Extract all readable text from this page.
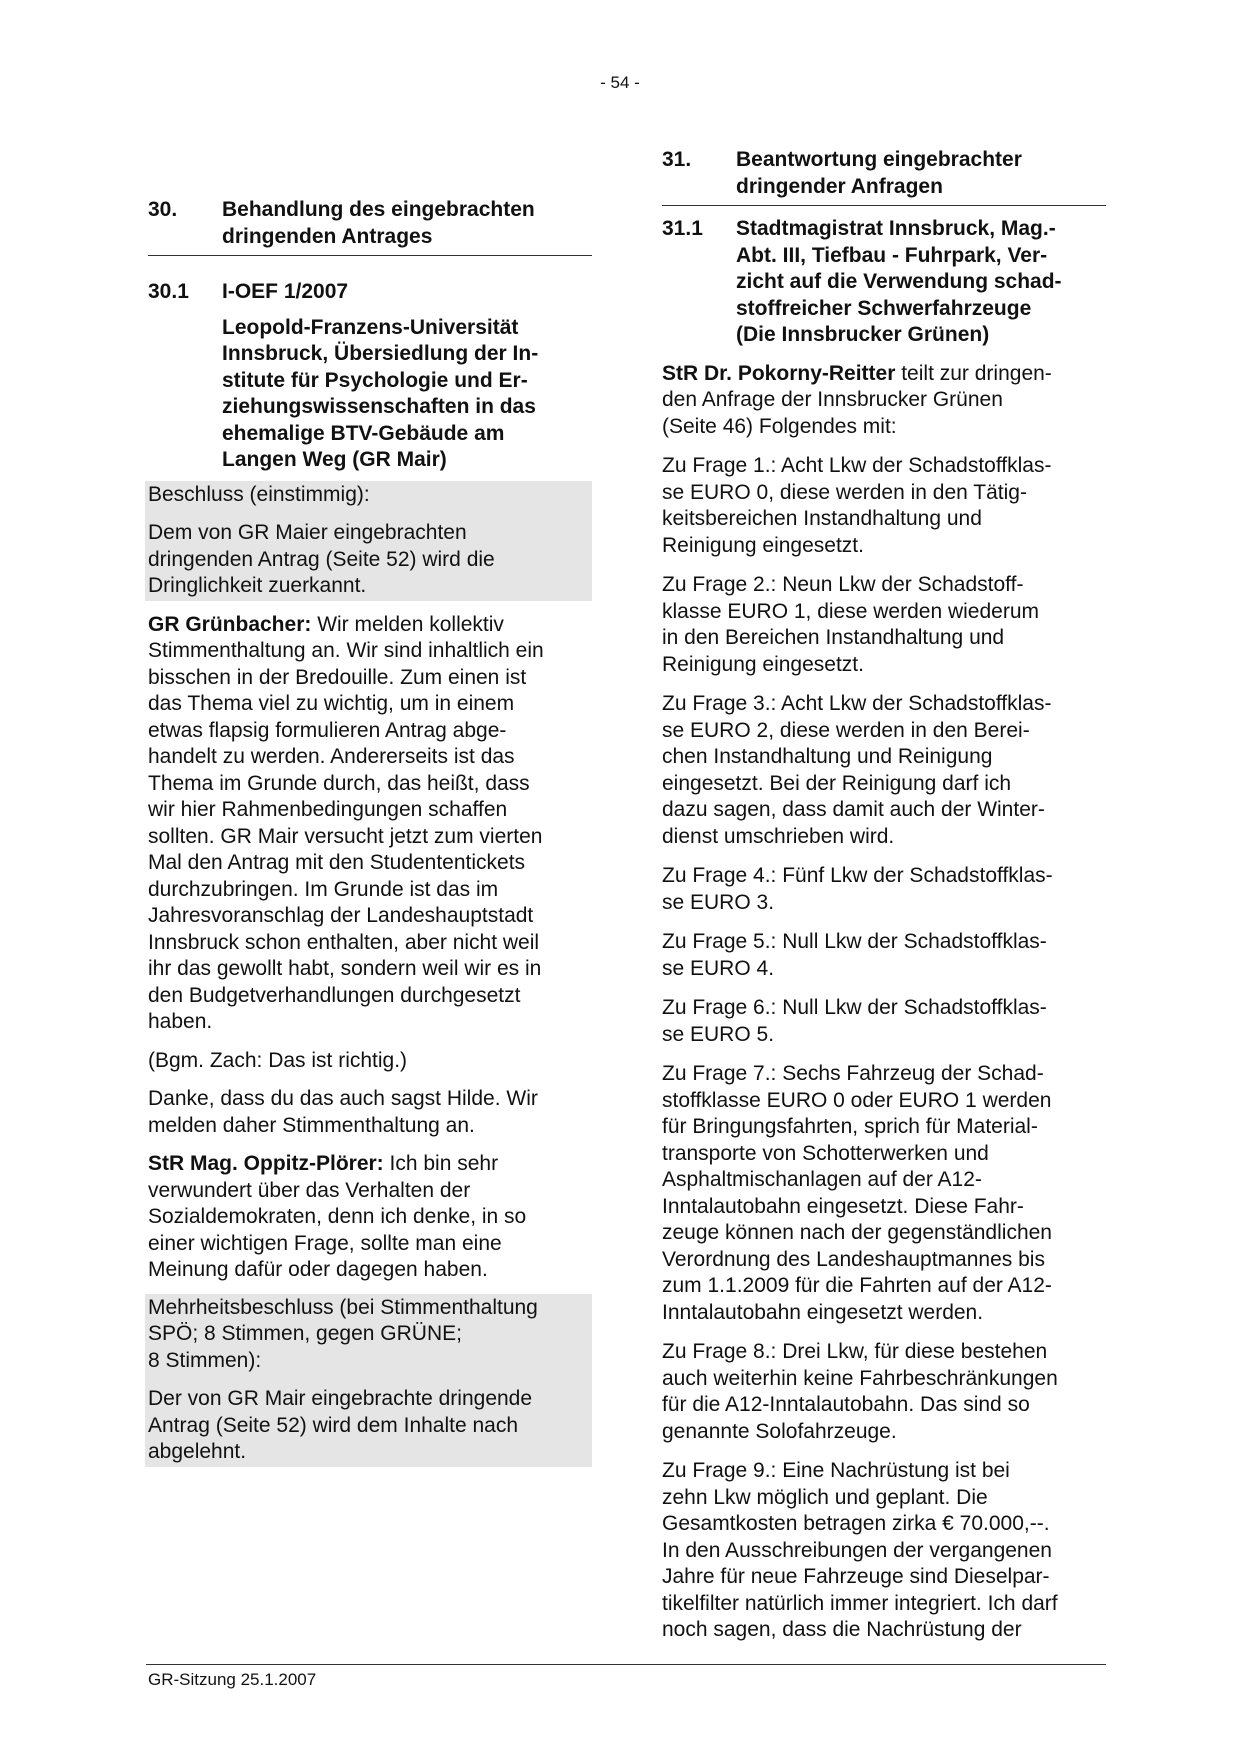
- 54 -
30. Behandlung des eingebrachten
dringenden Antrages
30.1 I-OEF 1/2007
Leopold-Franzens-Universität
Innsbruck, Übersiedlung der In-
stitute für Psychologie und Er-
ziehungswissenschaften in das
ehemalige BTV-Gebäude am
Langen Weg (GR Mair)
Beschluss (einstimmig):
Dem von GR Maier eingebrachten
dringenden Antrag (Seite 52) wird die
Dringlichkeit zuerkannt.
GR Grünbacher: Wir melden kollektiv
Stimmenthaltung an. Wir sind inhaltlich ein
bisschen in der Bredouille. Zum einen ist
das Thema viel zu wichtig, um in einem
etwas flapsig formulieren Antrag abge-
handelt zu werden. Andererseits ist das
Thema im Grunde durch, das heißt, dass
wir hier Rahmenbedingungen schaffen
sollten. GR Mair versucht jetzt zum vierten
Mal den Antrag mit den Studententickets
durchzubringen. Im Grunde ist das im
Jahresvoranschlag der Landeshauptstadt
Innsbruck schon enthalten, aber nicht weil
ihr das gewollt habt, sondern weil wir es in
den Budgetverhandlungen durchgesetzt
haben.
(Bgm. Zach: Das ist richtig.)
Danke, dass du das auch sagst Hilde. Wir
melden daher Stimmenthaltung an.
StR Mag. Oppitz-Plörer: Ich bin sehr
verwundert über das Verhalten der
Sozialdemokraten, denn ich denke, in so
einer wichtigen Frage, sollte man eine
Meinung dafür oder dagegen haben.
Mehrheitsbeschluss (bei Stimmenthaltung
SPÖ; 8 Stimmen, gegen GRÜNE;
8 Stimmen):
Der von GR Mair eingebrachte dringende
Antrag (Seite 52) wird dem Inhalte nach
abgelehnt.
31. Beantwortung eingebrachter
dringender Anfragen
31.1 Stadtmagistrat Innsbruck, Mag.-
Abt. III, Tiefbau - Fuhrpark, Ver-
zicht auf die Verwendung schad-
stoffreicher Schwerfahrzeuge
(Die Innsbrucker Grünen)
StR Dr. Pokorny-Reitter teilt zur dringen-
den Anfrage der Innsbrucker Grünen
(Seite 46) Folgendes mit:
Zu Frage 1.: Acht Lkw der Schadstoffklas-
se EURO 0, diese werden in den Tätig-
keitsbereichen Instandhaltung und
Reinigung eingesetzt.
Zu Frage 2.: Neun Lkw der Schadstoff-
klasse EURO 1, diese werden wiederum
in den Bereichen Instandhaltung und
Reinigung eingesetzt.
Zu Frage 3.: Acht Lkw der Schadstoffklas-
se EURO 2, diese werden in den Berei-
chen Instandhaltung und Reinigung
eingesetzt. Bei der Reinigung darf ich
dazu sagen, dass damit auch der Winter-
dienst umschrieben wird.
Zu Frage 4.: Fünf Lkw der Schadstoffklas-
se EURO 3.
Zu Frage 5.: Null Lkw der Schadstoffklas-
se EURO 4.
Zu Frage 6.: Null Lkw der Schadstoffklas-
se EURO 5.
Zu Frage 7.: Sechs Fahrzeug der Schad-
stoffklasse EURO 0 oder EURO 1 werden
für Bringungsfahrten, sprich für Material-
transporte von Schotterwerken und
Asphaltmischanlagen auf der A12-
Inntalautobahn eingesetzt. Diese Fahr-
zeuge können nach der gegenständlichen
Verordnung des Landeshauptmannes bis
zum 1.1.2009 für die Fahrten auf der A12-
Inntalautobahn eingesetzt werden.
Zu Frage 8.: Drei Lkw, für diese bestehen
auch weiterhin keine Fahrbeschränkungen
für die A12-Inntalautobahn. Das sind so
genannte Solofahrzeuge.
Zu Frage 9.: Eine Nachrüstung ist bei
zehn Lkw möglich und geplant. Die
Gesamtkosten betragen zirka € 70.000,--.
In den Ausschreibungen der vergangenen
Jahre für neue Fahrzeuge sind Dieselpar-
tikelfilter natürlich immer integriert. Ich darf
noch sagen, dass die Nachrüstung der
GR-Sitzung 25.1.2007
